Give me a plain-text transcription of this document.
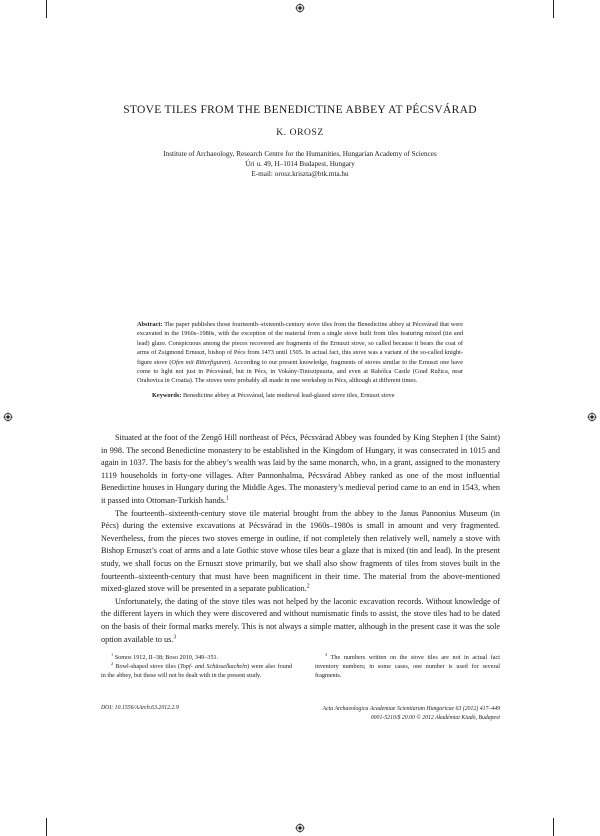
STOVE TILES FROM THE BENEDICTINE ABBEY AT PÉCSVÁRAD
K. OROSZ
Institute of Archaeology, Research Centre for the Humanities, Hungarian Academy of Sciences
Úri u. 49, H–1014 Budapest, Hungary
E-mail: orosz.kriszta@btk.mta.hu
Abstract: The paper publishes those fourteenth–sixteenth-century stove tiles from the Benedictine abbey at Pécsvárad that were excavated in the 1960s–1980s, with the exception of the material from a single stove built from tiles featuring mixed (tin and lead) glaze. Conspicuous among the pieces recovered are fragments of the Ernuszt stove, so called because it bears the coat of arms of Zsigmond Ernuszt, bishop of Pécs from 1473 until 1505. In actual fact, this stove was a variant of the so-called knight-figure stove (Ofen mit Ritterfiguren). According to our present knowledge, fragments of stoves similar to the Ernuszt one have come to light not just in Pécsvárad, but in Pécs, in Vokány-Tiniszipuszta, and even at Rahólca Castle (Grad Ružica, near Orahovica in Croatia). The stoves were probably all made in one workshop in Pécs, although at different times.
Keywords: Benedictine abbey at Pécsvárad, late medieval lead-glazed stove tiles, Ernuszt stove

Situated at the foot of the Zengő Hill northeast of Pécs, Pécsvárad Abbey was founded by King Stephen I (the Saint) in 998. The second Benedictine monastery to be established in the Kingdom of Hungary, it was consecrated in 1015 and again in 1037. The basis for the abbey’s wealth was laid by the same monarch, who, in a grant, assigned to the monastery 1119 households in forty-one villages. After Pannonhalma, Pécsvárad Abbey ranked as one of the most influential Benedictine houses in Hungary during the Middle Ages. The monastery’s medieval period came to an end in 1543, when it passed into Ottoman-Turkish hands.$^1$

The fourteenth–sixteenth-century stove tile material brought from the abbey to the Janus Pannonius Museum (in Pécs) during the extensive excavations at Pécsvárad in the 1960s–1980s is small in amount and very fragmented. Nevertheless, from the pieces two stoves emerge in outline, if not completely then relatively well, namely a stove with Bishop Ernuszt’s coat of arms and a late Gothic stove whose tiles bear a glaze that is mixed (tin and lead). In the present study, we shall focus on the Ernuszt stove primarily, but we shall also show fragments of tiles from stoves built in the fourteenth–sixteenth-century that must have been magnificent in their time. The material from the above-mentioned mixed-glazed stove will be presented in a separate publication.$^2$

Unfortunately, the dating of the stove tiles was not helped by the laconic excavation records. Without knowledge of the different layers in which they were discovered and without numismatic finds to assist, the stove tiles had to be dated on the basis of their formal marks merely. This is not always a simple matter, although in the present case it was the sole option available to us.$^3$

$^1$ Somos 1912, II–38; Boso 2010, 349–351.

$^2$ Bowl-shaped stove tiles (Topf- and Schüsselkacheln) were also found in the abbey, but these will not be dealt with in the present study.

$^3$ The numbers written on the stove tiles are not in actual fact inventory numbers; in some cases, one number is used for several fragments.

DOI: 10.1556/AArch.63.2012.2.9	Acta Archaeologica Academiae Scientiarum Hungaricae 63 (2012) 417–449
0001-5210/$ 20.00 © 2012 Akadémiai Kiadó, Budapest
